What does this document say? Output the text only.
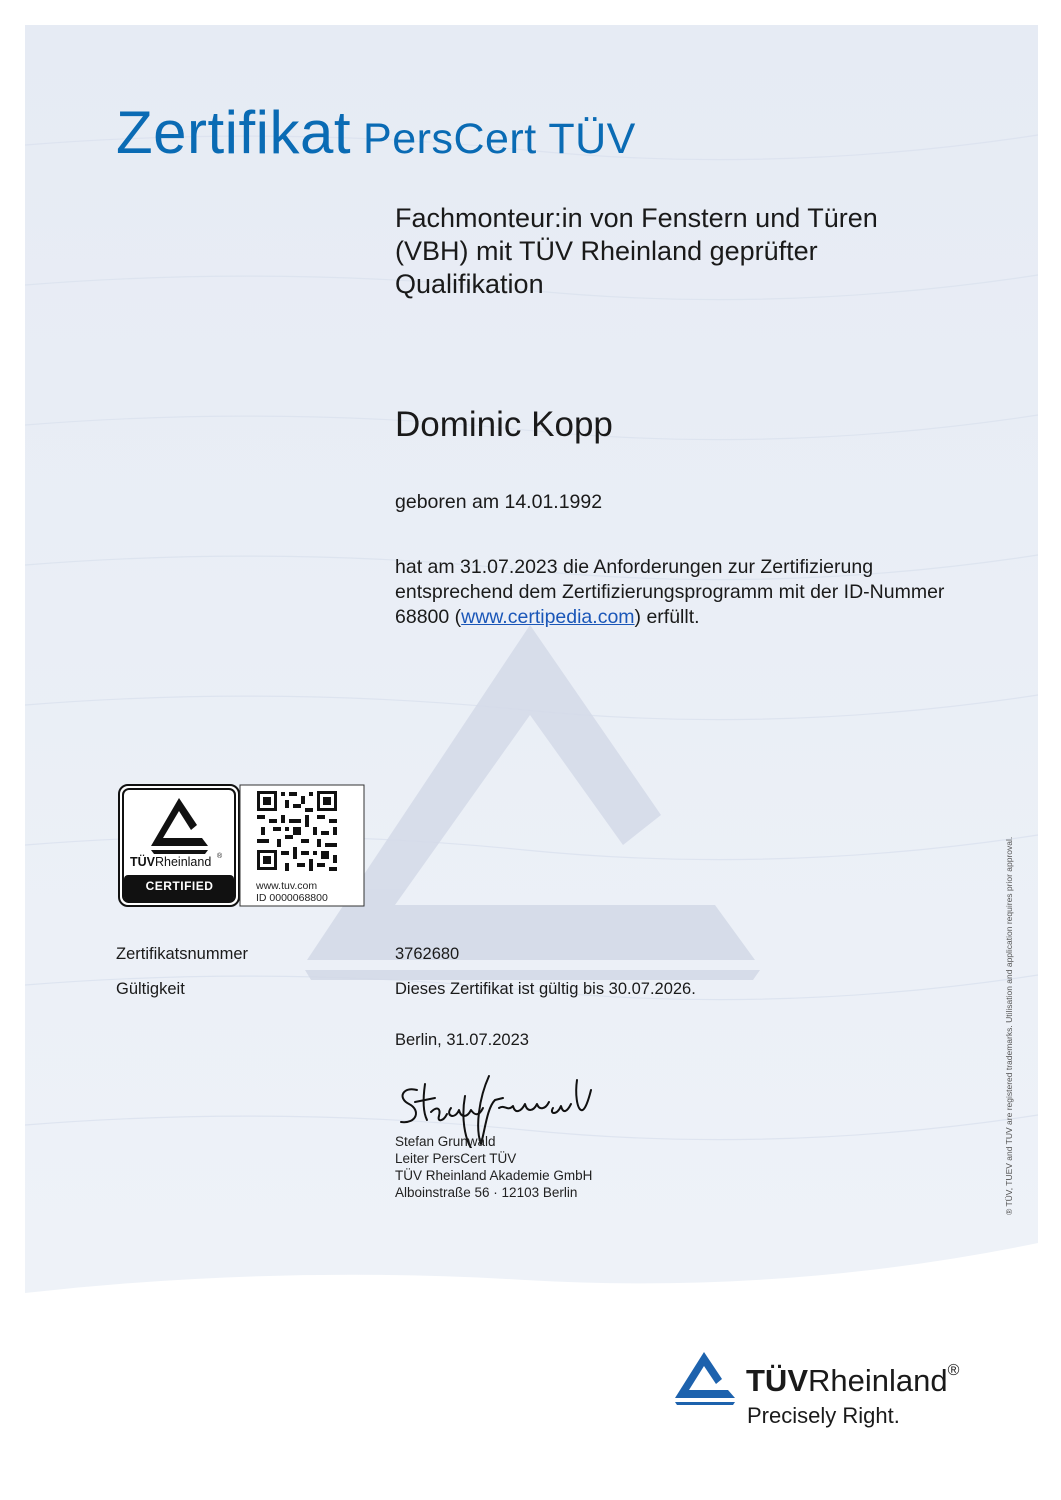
Zertifikat PersCert TÜV
Fachmonteur:in von Fenstern und Türen (VBH) mit TÜV Rheinland geprüfter Qualifikation
Dominic Kopp
geboren am 14.01.1992
hat am 31.07.2023 die Anforderungen zur Zertifizierung entsprechend dem Zertifizierungsprogramm mit der ID-Nummer 68800 (www.certipedia.com) erfüllt.
®
TÜVRheinland
CERTIFIED	www.tuv.com
ID 0000068800
Zertifikatsnummer	3762680
Gültigkeit	Dieses Zertifikat ist gültig bis 30.07.2026.
Berlin, 31.07.2023
Stefan Grunwald
Leiter PersCert TÜV
TÜV Rheinland Akademie GmbH
Alboinstraße 56 · 12103 Berlin	® TÜV, TUEV and TUV are registered trademarks. Utilisation and application requires prior approval.
TÜVRheinland®
Precisely Right.
